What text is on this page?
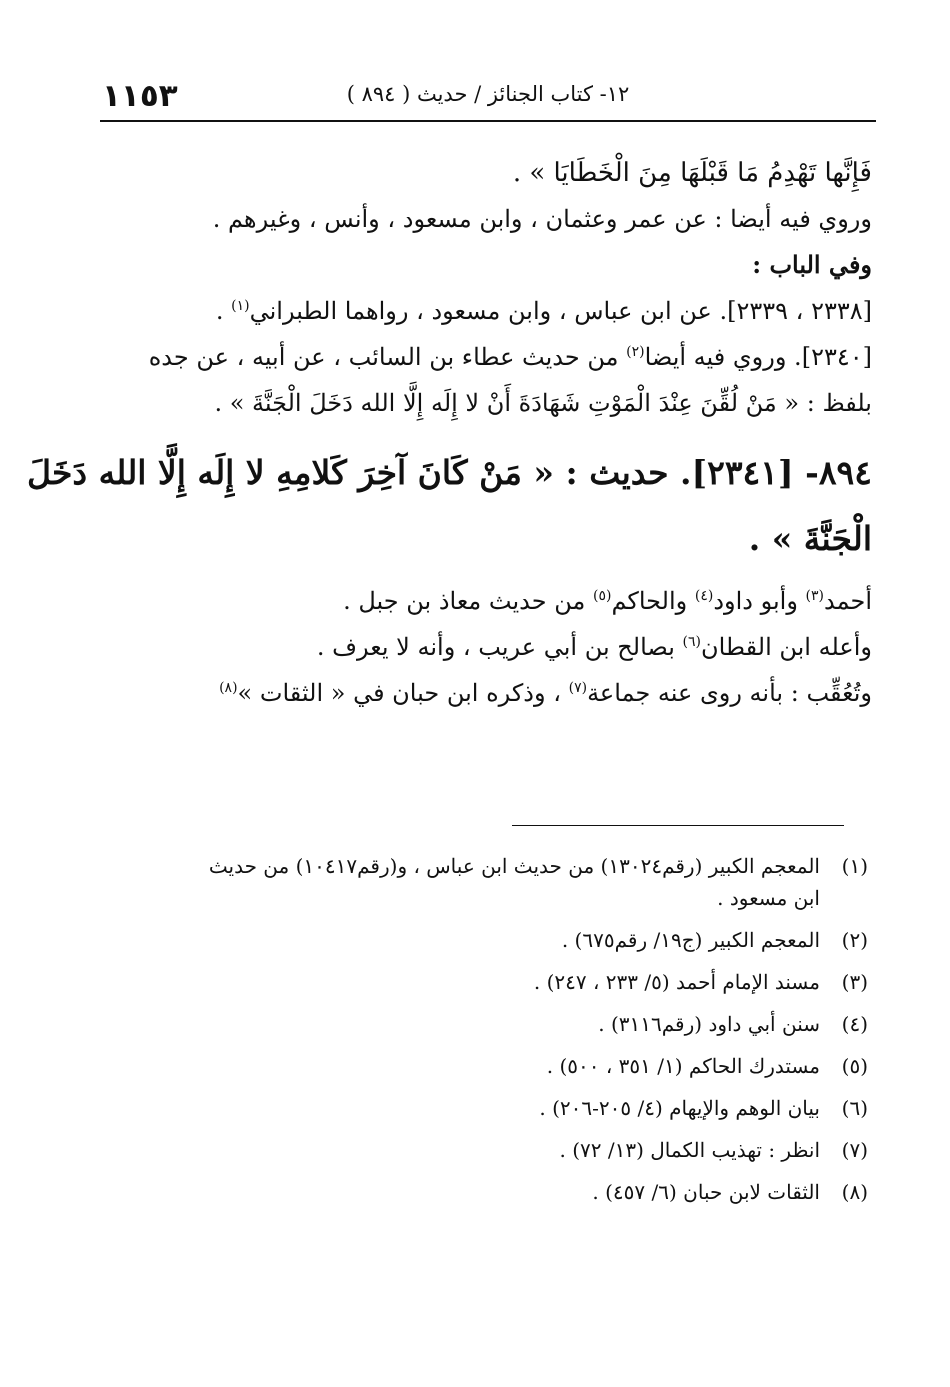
١١٥٣	١٢- كتاب الجنائز / حديث ( ٨٩٤ )
فَإِنَّها تَهْدِمُ مَا قَبْلَهَا مِنَ الْخَطَايَا » .
وروي فيه أيضا : عن عمر وعثمان ، وابن مسعود ، وأنس ، وغيرهم .
وفي الباب :
[٢٣٣٨ ، ٢٣٣٩]. عن ابن عباس ، وابن مسعود ، رواهما الطبراني$^{(١)}$ .
[٢٣٤٠]. وروي فيه أيضا$^{(٢)}$ من حديث عطاء بن السائب ، عن أبيه ، عن جده
بلفظ : « مَنْ لُقِّنَ عِنْدَ الْمَوْتِ شَهَادَةَ أَنْ لا إِلَه إِلَّا الله دَخَلَ الْجَنَّةَ » .
٨٩٤- [٢٣٤١]. حديث : « مَنْ كَانَ آخِرَ كَلامِهِ لا إِلَه إِلَّا الله دَخَلَ
الْجَنَّةَ » .
أحمد$^{(٣)}$ وأبو داود$^{(٤)}$ والحاكم$^{(٥)}$ من حديث معاذ بن جبل .
وأعله ابن القطان$^{(٦)}$ بصالح بن أبي عريب ، وأنه لا يعرف .
وتُعُقِّب : بأنه روى عنه جماعة$^{(٧)}$ ، وذكره ابن حبان في « الثقات »$^{(٨)}$
(١)المعجم الكبير (رقم١٣٠٢٤) من حديث ابن عباس ، و(رقم١٠٤١٧) من حديث
ابن مسعود .
(٢)المعجم الكبير (ج١٩/ رقم٦٧٥) .
(٣)مسند الإمام أحمد (٥/ ٢٣٣ ، ٢٤٧) .
(٤)سنن أبي داود (رقم٣١١٦) .
(٥)مستدرك الحاكم (١/ ٣٥١ ، ٥٠٠) .
(٦)بيان الوهم والإيهام (٤/ ٢٠٥-٢٠٦) .
(٧)انظر : تهذيب الكمال (١٣/ ٧٢) .
(٨)الثقات لابن حبان (٦/ ٤٥٧) .
